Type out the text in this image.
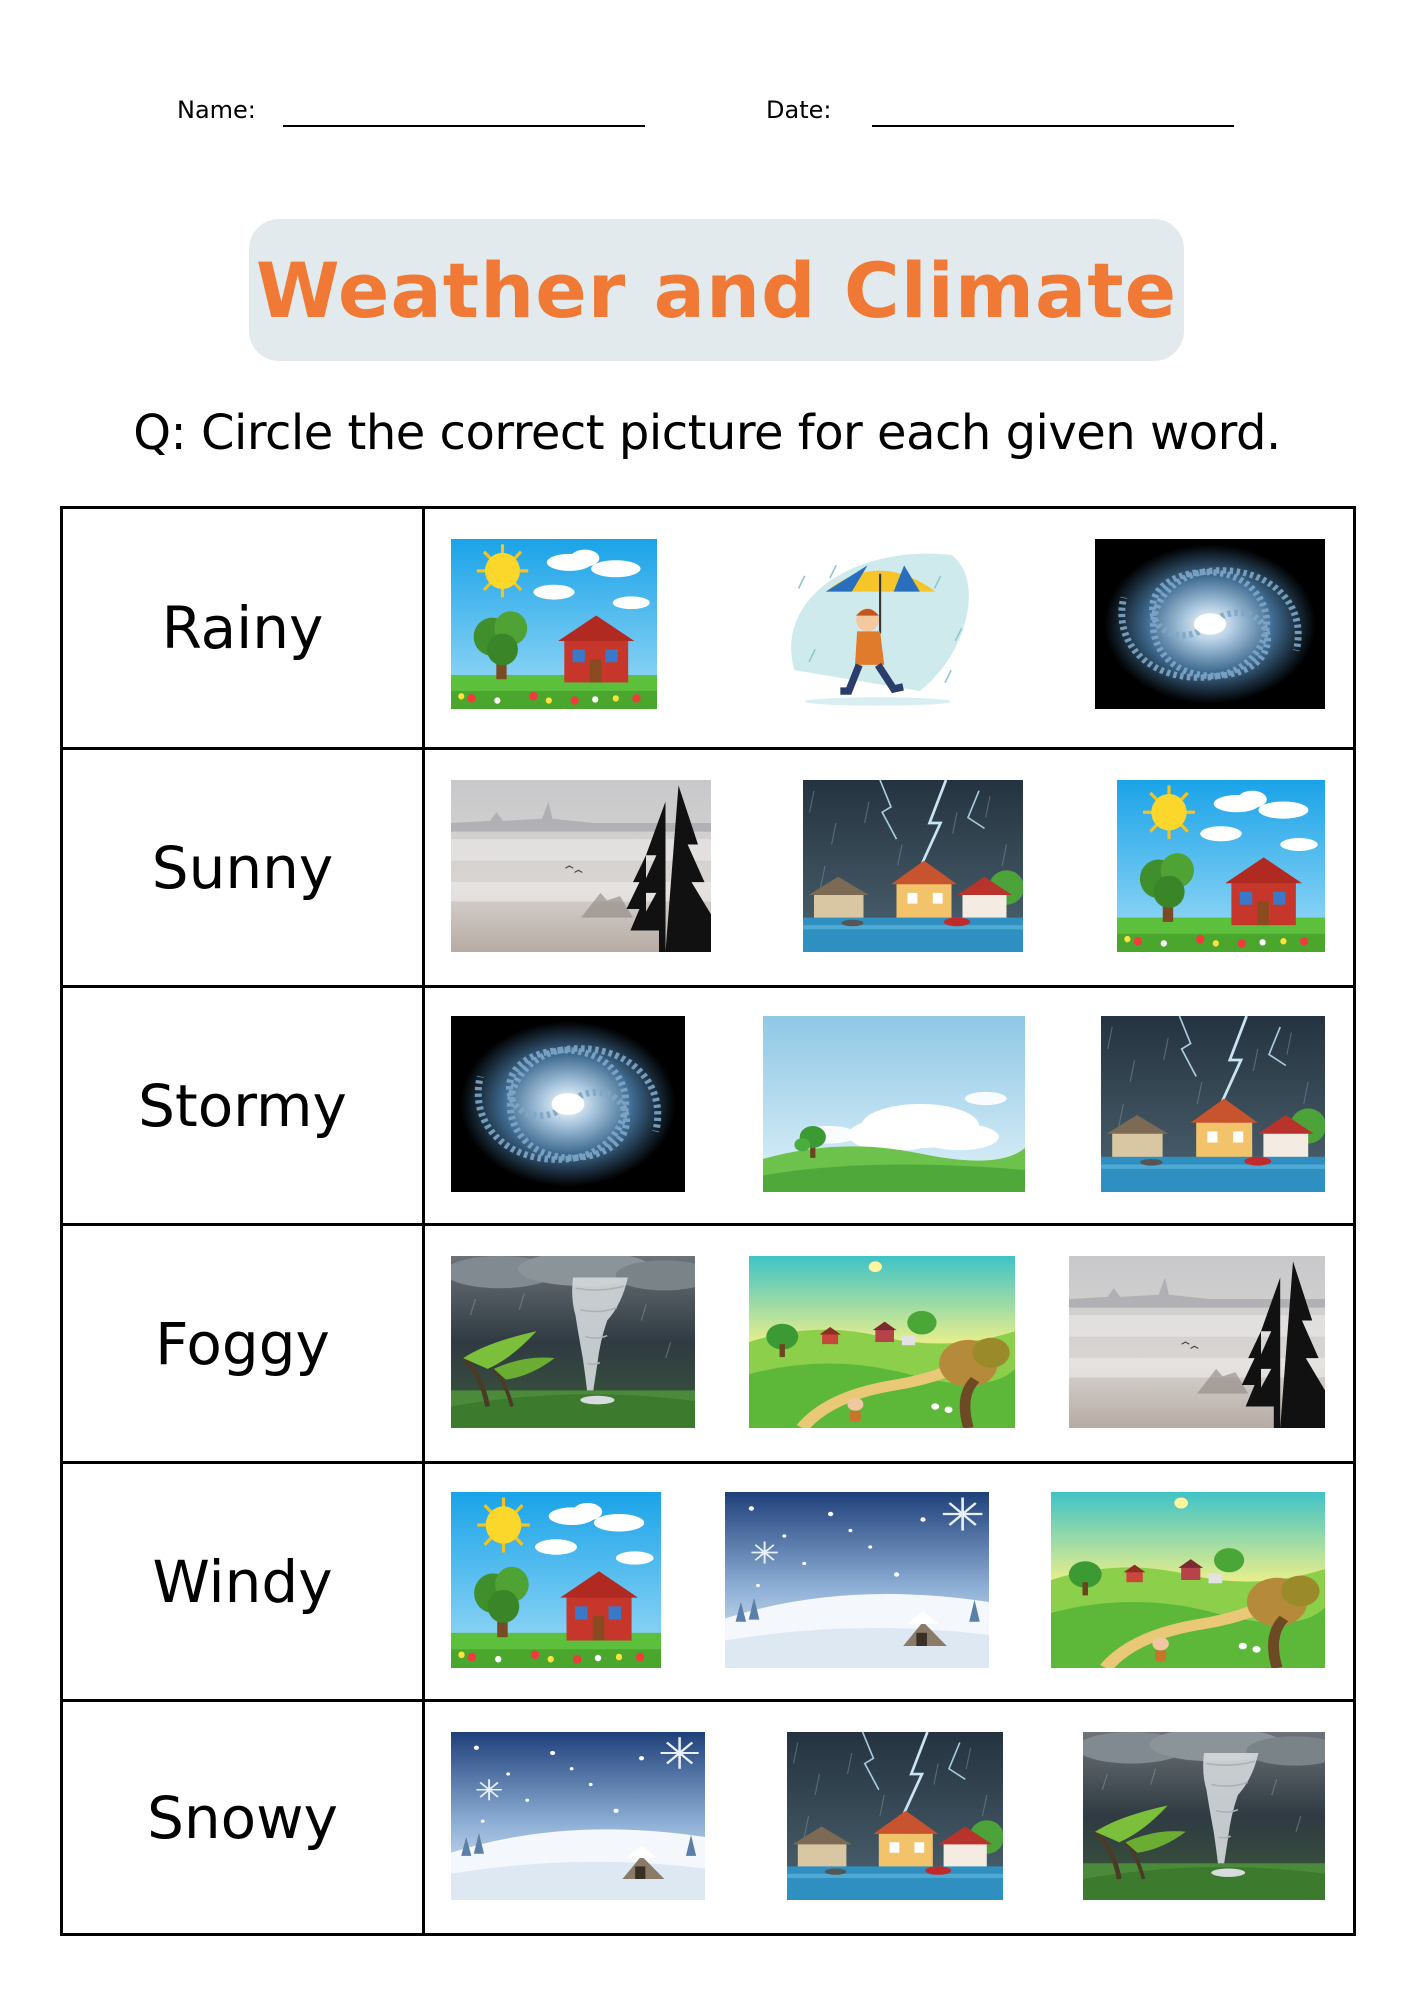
Name:	Date:
Weather and Climate
Q: Circle the correct picture for each given word.
Rainy
Sunny
Stormy
Foggy
Windy
Snowy
